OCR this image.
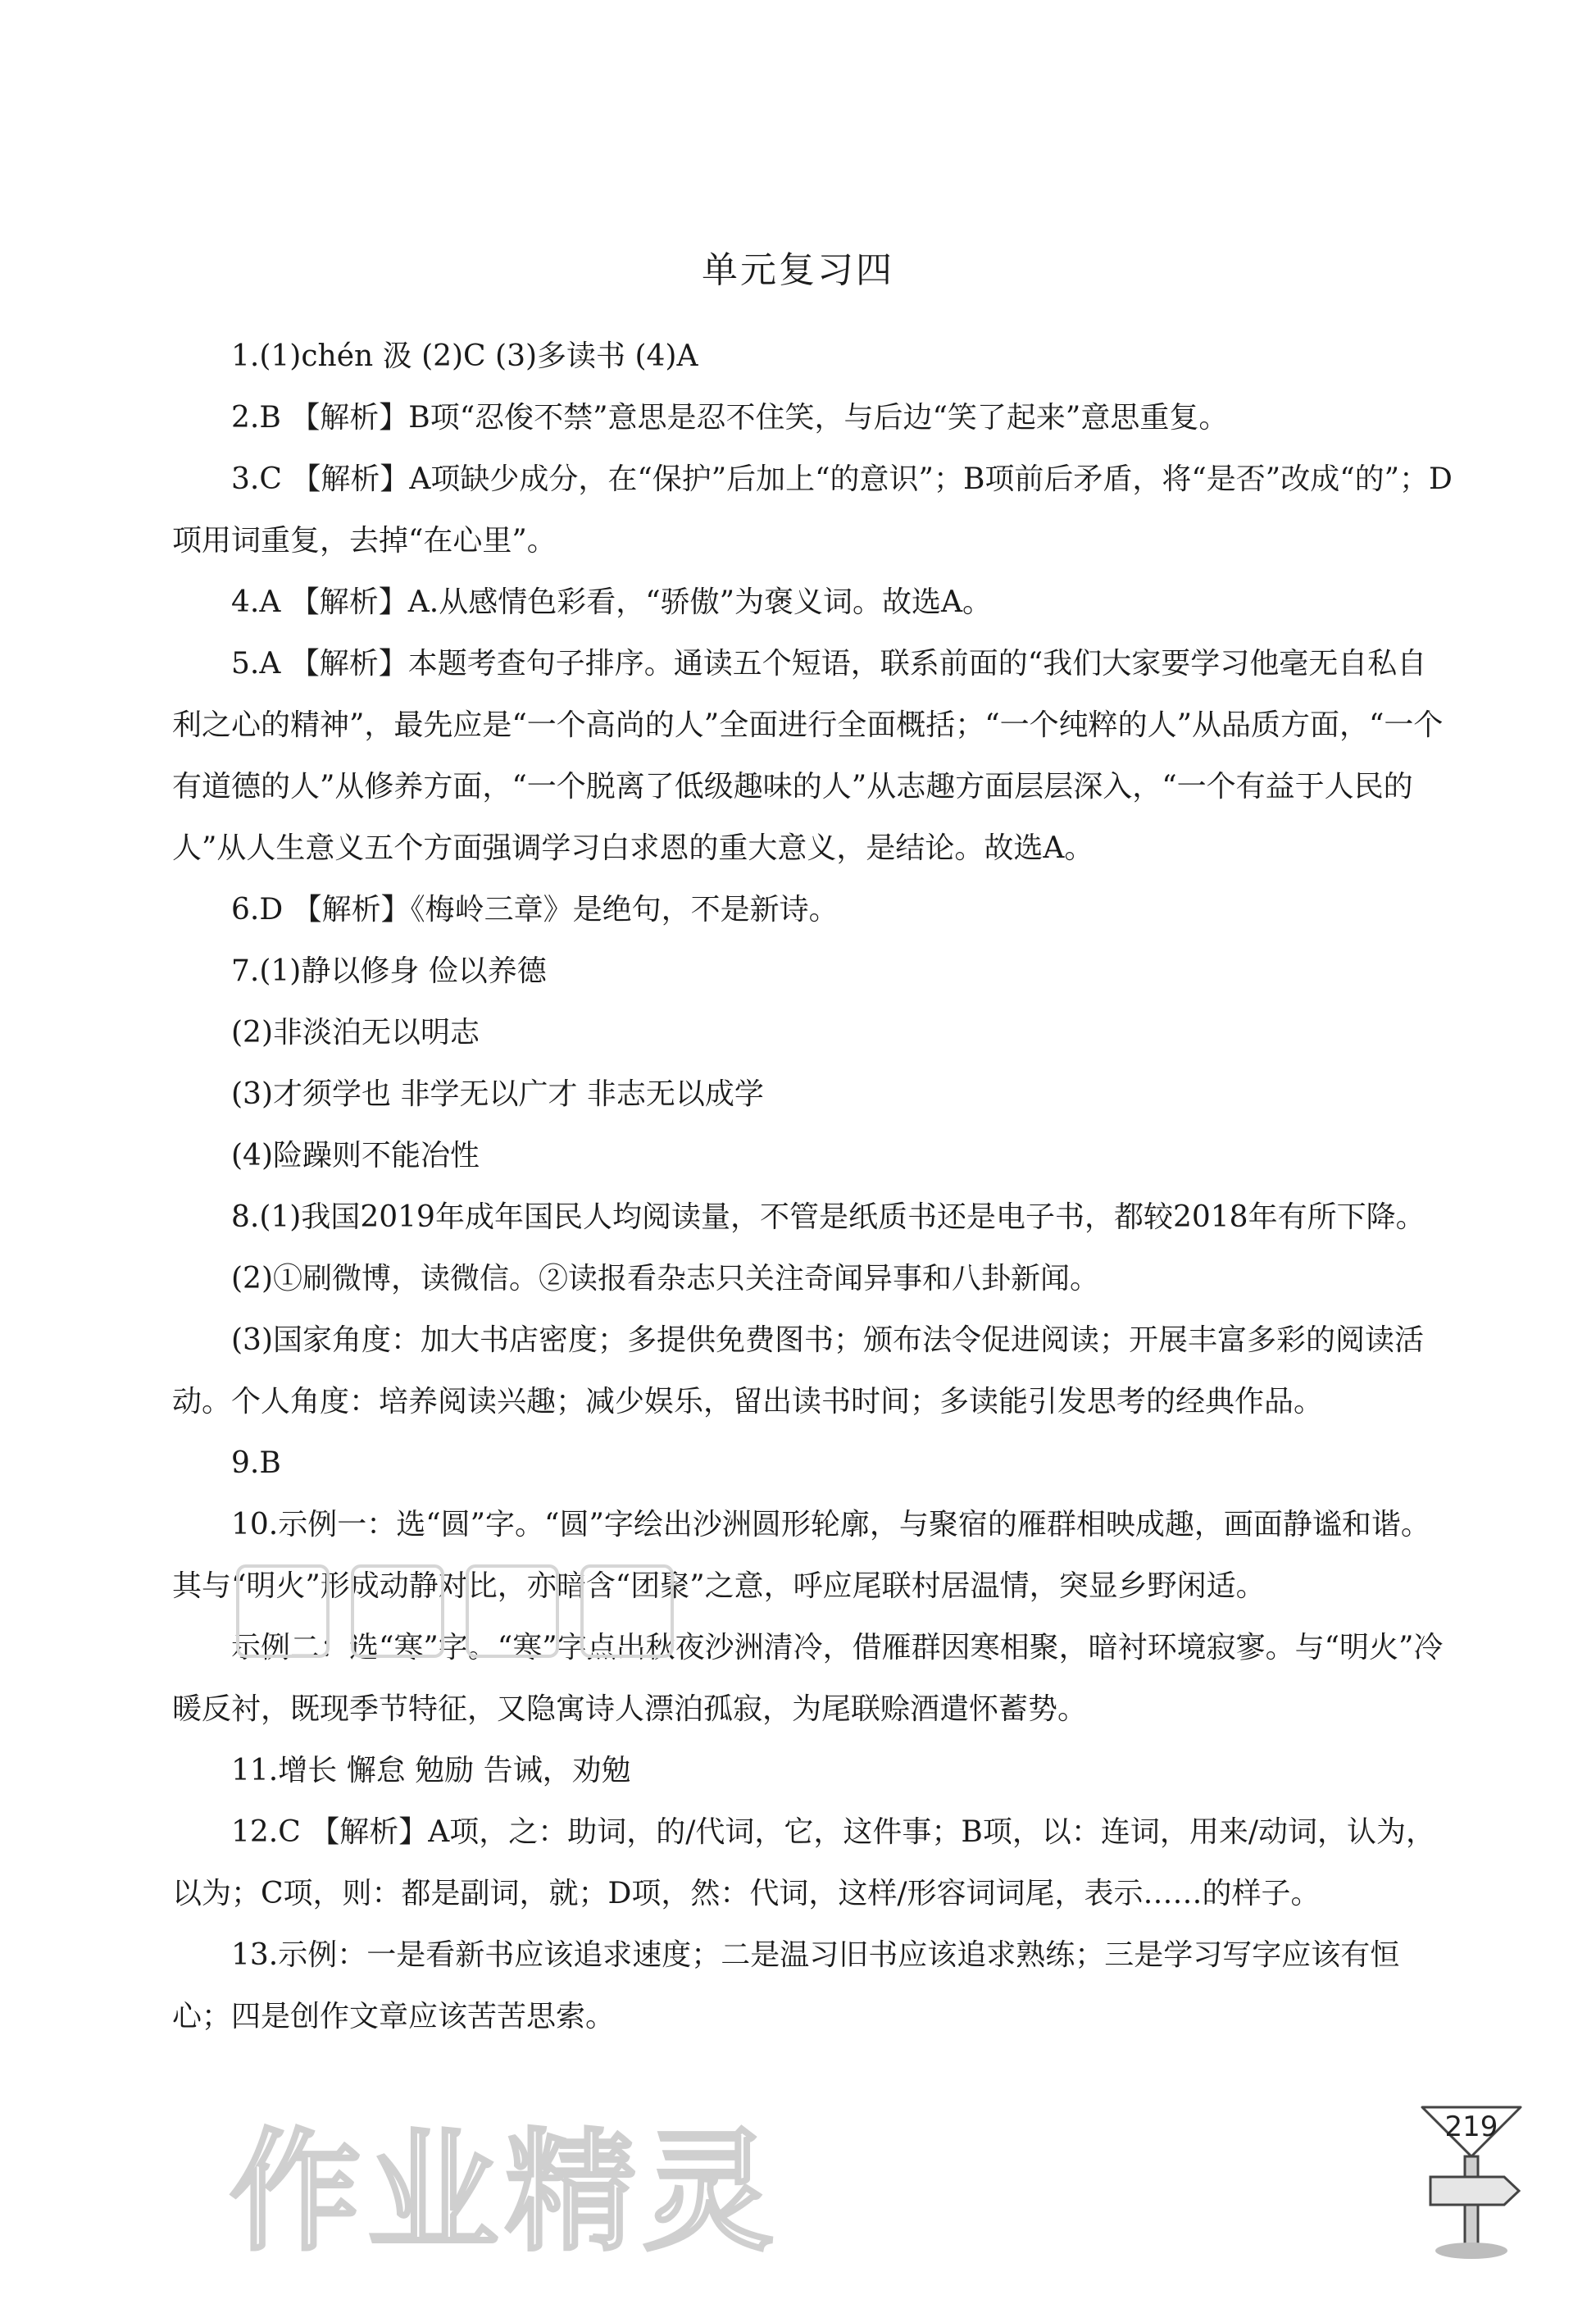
单元复习四

1.(1)chén 汲 (2)C (3)多读书 (4)A

2.B 【解析】B项“忍俊不禁”意思是忍不住笑，与后边“笑了起来”意思重复。

3.C 【解析】A项缺少成分，在“保护”后加上“的意识”；B项前后矛盾，将“是否”改成“的”；D项用词重复，去掉“在心里”。

4.A 【解析】A.从感情色彩看，“骄傲”为褒义词。故选A。

5.A 【解析】本题考查句子排序。通读五个短语，联系前面的“我们大家要学习他毫无自私自利之心的精神”，最先应是“一个高尚的人”全面进行全面概括；“一个纯粹的人”从品质方面，“一个有道德的人”从修养方面，“一个脱离了低级趣味的人”从志趣方面层层深入，“一个有益于人民的人”从人生意义五个方面强调学习白求恩的重大意义，是结论。故选A。

6.D 【解析】《梅岭三章》是绝句，不是新诗。

7.(1)静以修身 俭以养德

(2)非淡泊无以明志

(3)才须学也 非学无以广才 非志无以成学

(4)险躁则不能冶性

8.(1)我国2019年成年国民人均阅读量，不管是纸质书还是电子书，都较2018年有所下降。

(2)①刷微博，读微信。②读报看杂志只关注奇闻异事和八卦新闻。

(3)国家角度：加大书店密度；多提供免费图书；颁布法令促进阅读；开展丰富多彩的阅读活动。个人角度：培养阅读兴趣；减少娱乐，留出读书时间；多读能引发思考的经典作品。

9.B

10.示例一：选“圆”字。“圆”字绘出沙洲圆形轮廓，与聚宿的雁群相映成趣，画面静谧和谐。其与“明火”形成动静对比，亦暗含“团聚”之意，呼应尾联村居温情，突显乡野闲适。

示例二：选“寒”字。“寒”字点出秋夜沙洲清冷，借雁群因寒相聚，暗衬环境寂寥。与“明火”冷暖反衬，既现季节特征，又隐寓诗人漂泊孤寂，为尾联赊酒遣怀蓄势。

11.增长 懈怠 勉励 告诫，劝勉

12.C 【解析】A项，之：助词，的/代词，它，这件事；B项，以：连词，用来/动词，认为，以为；C项，则：都是副词，就；D项，然：代词，这样/形容词词尾，表示……的样子。

13.示例：一是看新书应该追求速度；二是温习旧书应该追求熟练；三是学习写字应该有恒心；四是创作文章应该苦苦思索。

作业精灵	219
